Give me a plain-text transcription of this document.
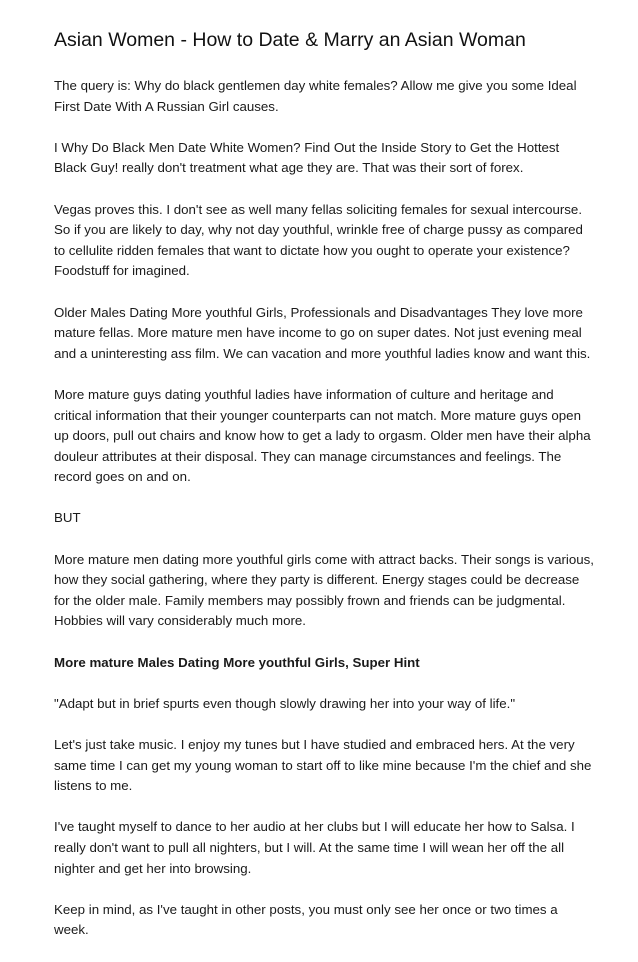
Asian Women - How to Date & Marry an Asian Woman

The query is: Why do black gentlemen day white females? Allow me give you some Ideal First Date With A Russian Girl causes.

I Why Do Black Men Date White Women? Find Out the Inside Story to Get the Hottest Black Guy! really don't treatment what age they are. That was their sort of forex.

Vegas proves this. I don't see as well many fellas soliciting females for sexual intercourse. So if you are likely to day, why not day youthful, wrinkle free of charge pussy as compared to cellulite ridden females that want to dictate how you ought to operate your existence? Foodstuff for imagined.

Older Males Dating More youthful Girls, Professionals and Disadvantages They love more mature fellas. More mature men have income to go on super dates. Not just evening meal and a uninteresting ass film. We can vacation and more youthful ladies know and want this.

More mature guys dating youthful ladies have information of culture and heritage and critical information that their younger counterparts can not match. More mature guys open up doors, pull out chairs and know how to get a lady to orgasm. Older men have their alpha douleur attributes at their disposal. They can manage circumstances and feelings. The record goes on and on.

BUT

More mature men dating more youthful girls come with attract backs. Their songs is various, how they social gathering, where they party is different. Energy stages could be decrease for the older male. Family members may possibly frown and friends can be judgmental. Hobbies will vary considerably much more.

More mature Males Dating More youthful Girls, Super Hint

"Adapt but in brief spurts even though slowly drawing her into your way of life."

Let's just take music. I enjoy my tunes but I have studied and embraced hers. At the very same time I can get my young woman to start off to like mine because I'm the chief and she listens to me.

I've taught myself to dance to her audio at her clubs but I will educate her how to Salsa. I really don't want to pull all nighters, but I will. At the same time I will wean her off the all nighter and get her into browsing.

Keep in mind, as I've taught in other posts, you must only see her once or two times a week.
